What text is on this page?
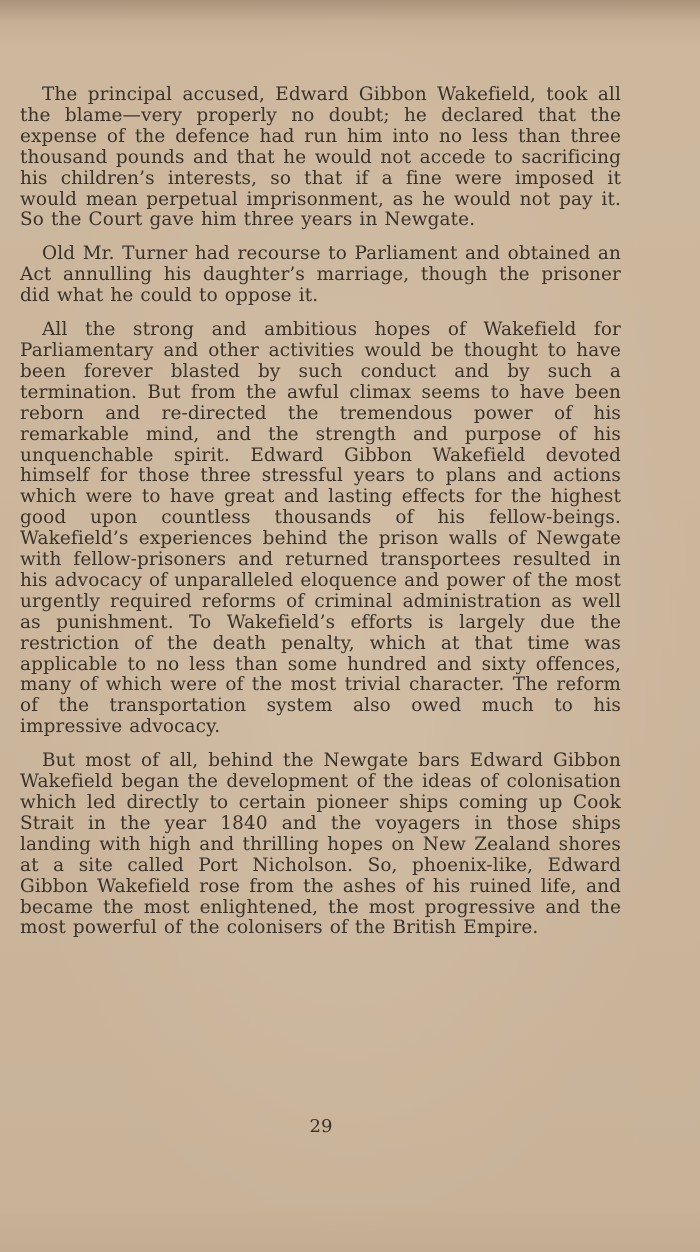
The principal accused, Edward Gibbon Wakefield, took all the blame—very properly no doubt; he declared that the expense of the defence had run him into no less than three thousand pounds and that he would not accede to sacrificing his children’s interests, so that if a fine were imposed it would mean perpetual imprisonment, as he would not pay it. So the Court gave him three years in Newgate.

Old Mr. Turner had recourse to Parliament and obtained an Act annulling his daughter’s marriage, though the prisoner did what he could to oppose it.

All the strong and ambitious hopes of Wakefield for Parliamentary and other activities would be thought to have been forever blasted by such conduct and by such a termination. But from the awful climax seems to have been reborn and re-directed the tremendous power of his remarkable mind, and the strength and purpose of his unquenchable spirit. Edward Gibbon Wakefield devoted himself for those three stressful years to plans and actions which were to have great and lasting effects for the highest good upon countless thousands of his fellow-beings. Wakefield’s experiences behind the prison walls of Newgate with fellow-prisoners and returned transportees resulted in his advocacy of unparalleled eloquence and power of the most urgently required reforms of criminal administration as well as punishment. To Wakefield’s efforts is largely due the restriction of the death penalty, which at that time was applicable to no less than some hundred and sixty offences, many of which were of the most trivial character. The reform of the transportation system also owed much to his impressive advocacy.

But most of all, behind the Newgate bars Edward Gibbon Wakefield began the development of the ideas of colonisation which led directly to certain pioneer ships coming up Cook Strait in the year 1840 and the voyagers in those ships landing with high and thrilling hopes on New Zealand shores at a site called Port Nicholson. So, phoenix-like, Edward Gibbon Wakefield rose from the ashes of his ruined life, and became the most enlightened, the most progressive and the most powerful of the colonisers of the British Empire.

29
